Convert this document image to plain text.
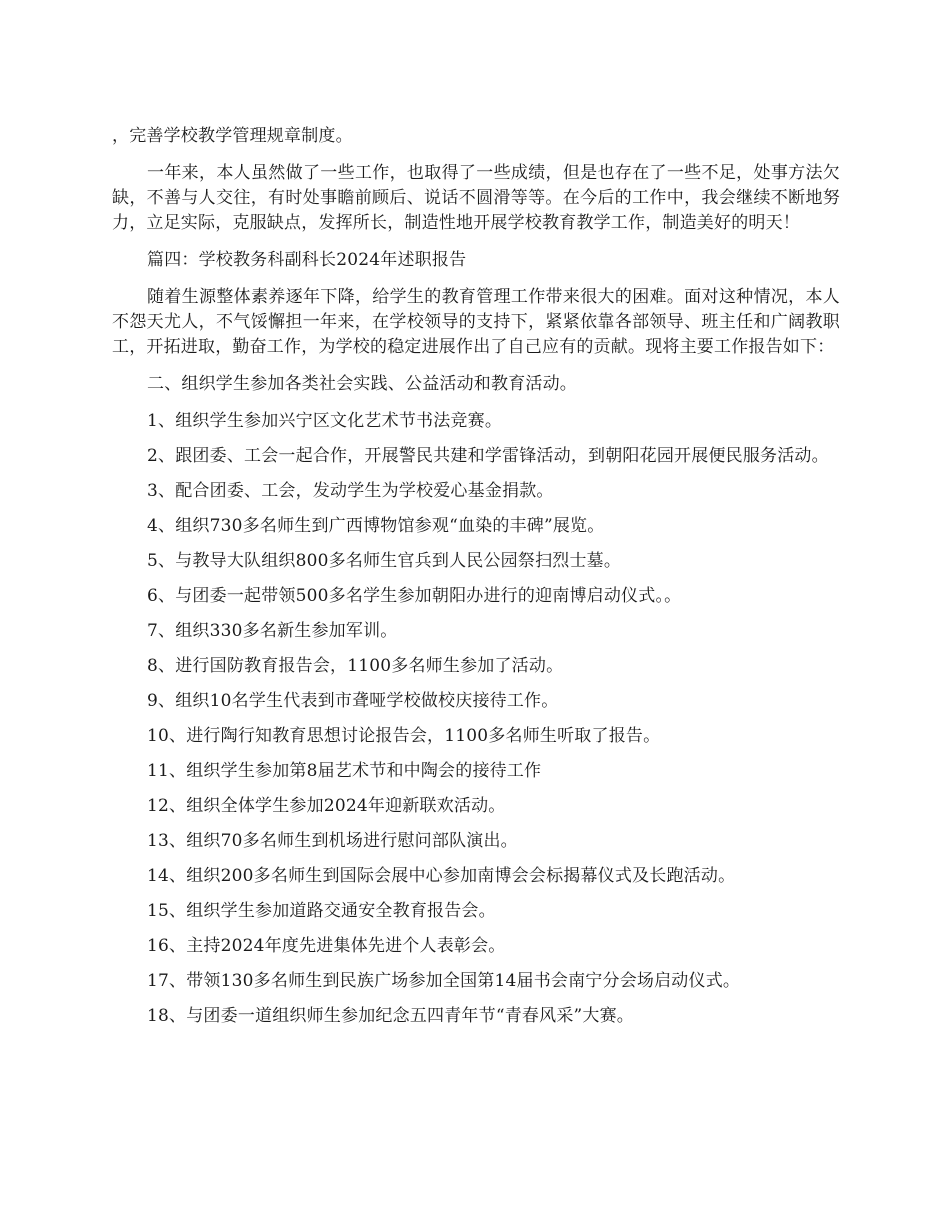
，完善学校教学管理规章制度。

一年来，本人虽然做了一些工作，也取得了一些成绩，但是也存在了一些不足，处事方法欠缺，不善与人交往，有时处事瞻前顾后、说话不圆滑等等。在今后的工作中，我会继续不断地努力，立足实际，克服缺点，发挥所长，制造性地开展学校教育教学工作，制造美好的明天！

篇四：学校教务科副科长2024年述职报告

随着生源整体素养逐年下降，给学生的教育管理工作带来很大的困难。面对这种情况，本人不怨天尤人，不气馁懈担一年来，在学校领导的支持下，紧紧依靠各部领导、班主任和广阔教职工，开拓进取，勤奋工作，为学校的稳定进展作出了自己应有的贡献。现将主要工作报告如下：

二、组织学生参加各类社会实践、公益活动和教育活动。

1、组织学生参加兴宁区文化艺术节书法竞赛。

2、跟团委、工会一起合作，开展警民共建和学雷锋活动，到朝阳花园开展便民服务活动。

3、配合团委、工会，发动学生为学校爱心基金捐款。

4、组织730多名师生到广西博物馆参观“血染的丰碑”展览。

5、与教导大队组织800多名师生官兵到人民公园祭扫烈士墓。

6、与团委一起带领500多名学生参加朝阳办进行的迎南博启动仪式。。

7、组织330多名新生参加军训。

8、进行国防教育报告会，1100多名师生参加了活动。

9、组织10名学生代表到市聋哑学校做校庆接待工作。

10、进行陶行知教育思想讨论报告会，1100多名师生听取了报告。

11、组织学生参加第8届艺术节和中陶会的接待工作

12、组织全体学生参加2024年迎新联欢活动。

13、组织70多名师生到机场进行慰问部队演出。

14、组织200多名师生到国际会展中心参加南博会会标揭幕仪式及长跑活动。

15、组织学生参加道路交通安全教育报告会。

16、主持2024年度先进集体先进个人表彰会。

17、带领130多名师生到民族广场参加全国第14届书会南宁分会场启动仪式。

18、与团委一道组织师生参加纪念五四青年节“青春风采”大赛。
